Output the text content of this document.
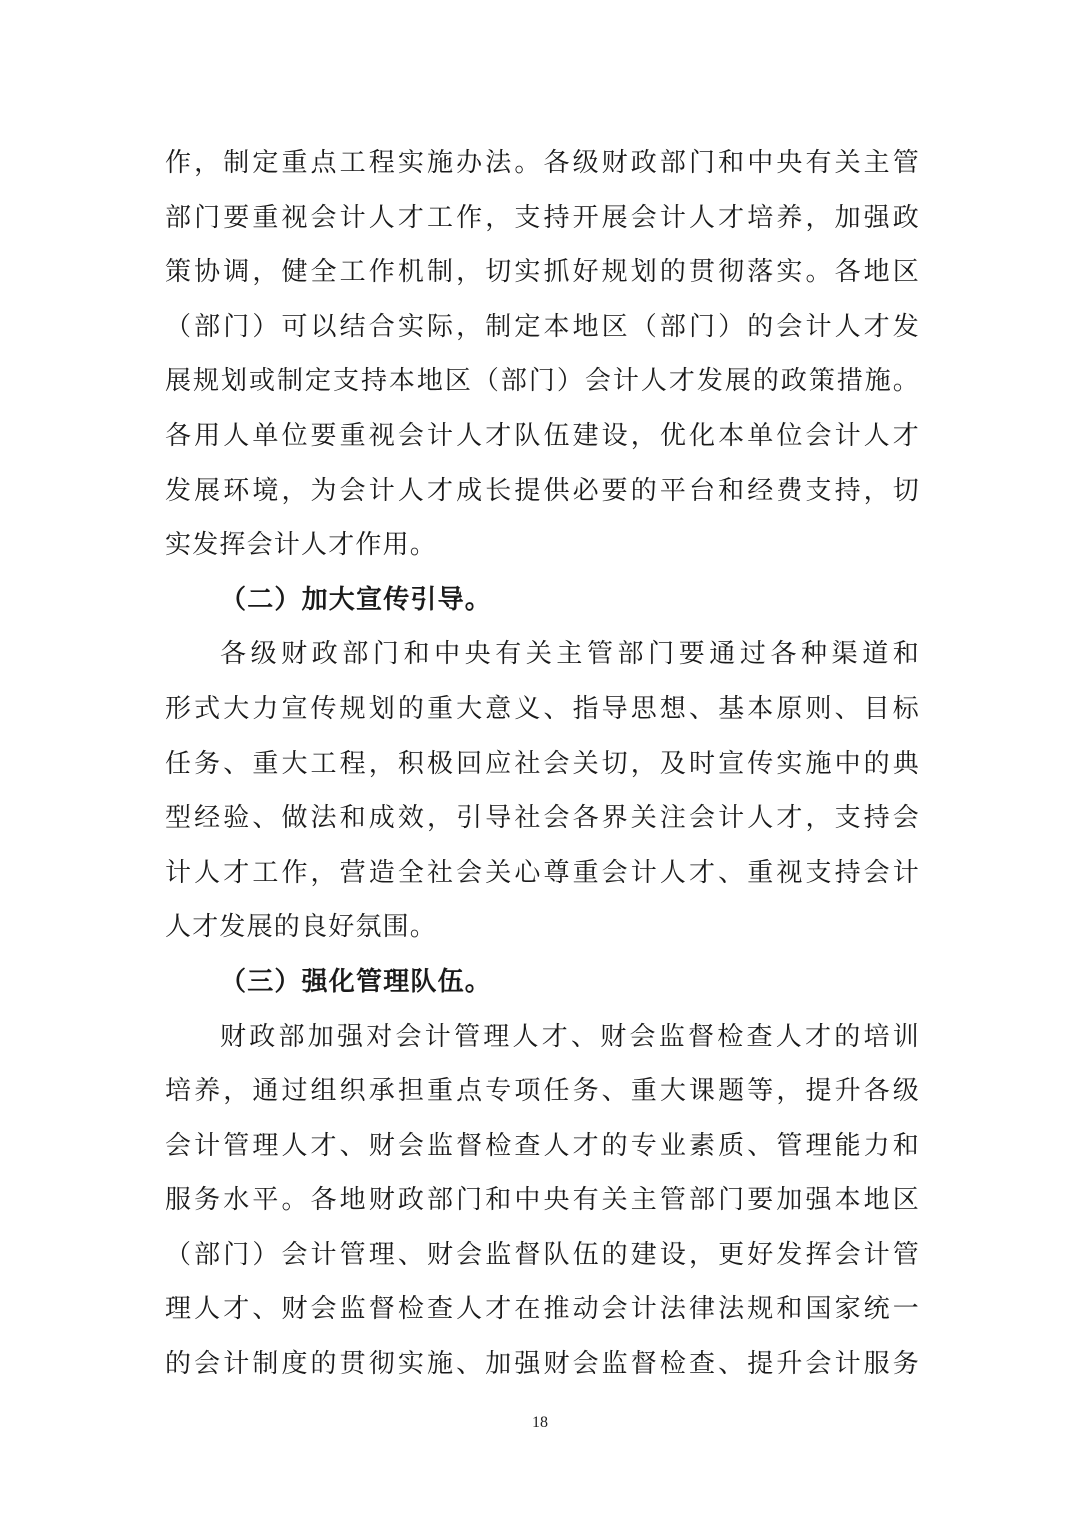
作，制定重点工程实施办法。各级财政部门和中央有关主管
部门要重视会计人才工作，支持开展会计人才培养，加强政
策协调，健全工作机制，切实抓好规划的贯彻落实。各地区
（部门）可以结合实际，制定本地区（部门）的会计人才发
展规划或制定支持本地区（部门）会计人才发展的政策措施。
各用人单位要重视会计人才队伍建设，优化本单位会计人才
发展环境，为会计人才成长提供必要的平台和经费支持，切
实发挥会计人才作用。
（二）加大宣传引导。
各级财政部门和中央有关主管部门要通过各种渠道和
形式大力宣传规划的重大意义、指导思想、基本原则、目标
任务、重大工程，积极回应社会关切，及时宣传实施中的典
型经验、做法和成效，引导社会各界关注会计人才，支持会
计人才工作，营造全社会关心尊重会计人才、重视支持会计
人才发展的良好氛围。
（三）强化管理队伍。
财政部加强对会计管理人才、财会监督检查人才的培训
培养，通过组织承担重点专项任务、重大课题等，提升各级
会计管理人才、财会监督检查人才的专业素质、管理能力和
服务水平。各地财政部门和中央有关主管部门要加强本地区
（部门）会计管理、财会监督队伍的建设，更好发挥会计管
理人才、财会监督检查人才在推动会计法律法规和国家统一
的会计制度的贯彻实施、加强财会监督检查、提升会计服务
18
